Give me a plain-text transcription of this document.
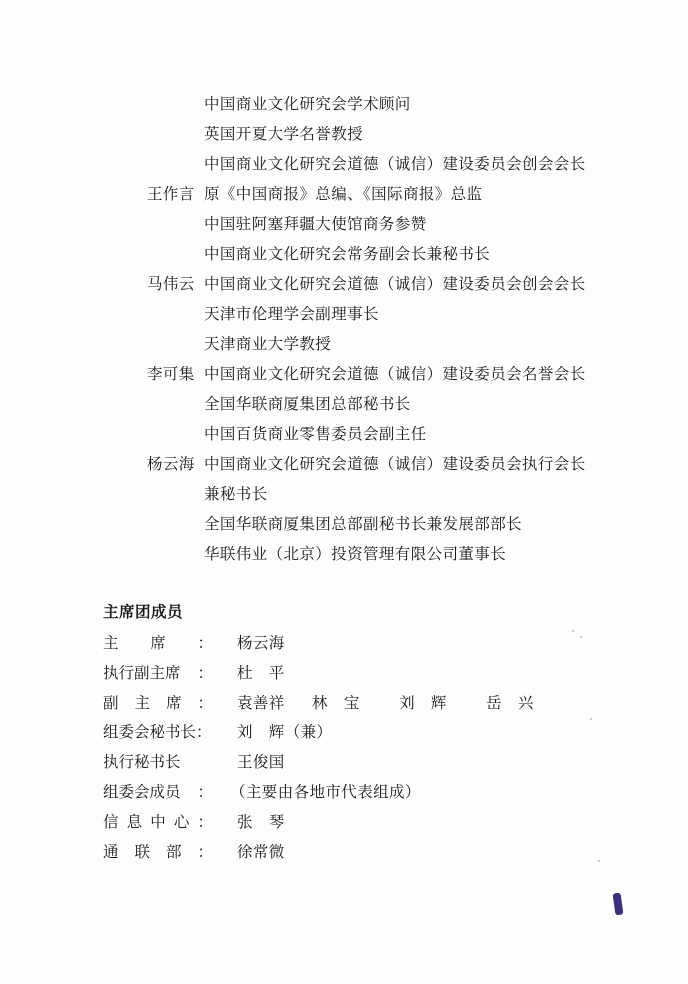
中国商业文化研究会学术顾问
英国开夏大学名誉教授
中国商业文化研究会道德（诚信）建设委员会创会会长
王作言 原《中国商报》总编、《国际商报》总监
中国驻阿塞拜疆大使馆商务参赞
中国商业文化研究会常务副会长兼秘书长
马伟云 中国商业文化研究会道德（诚信）建设委员会创会会长
天津市伦理学会副理事长
天津商业大学教授
李可集 中国商业文化研究会道德（诚信）建设委员会名誉会长
全国华联商厦集团总部秘书长
中国百货商业零售委员会副主任
杨云海 中国商业文化研究会道德（诚信）建设委员会执行会长
兼秘书长
全国华联商厦集团总部副秘书长兼发展部部长
华联伟业（北京）投资管理有限公司董事长
主席团成员
主 席 ： 杨云海
执行副主席 ： 杜　平
副 主 席 ： 袁善祥 林　宝	刘　辉	岳　兴
组委会秘书长： 刘　辉（兼）
执行秘书长	王俊国
组委会成员 ： （主要由各地市代表组成）
信 息 中 心 ： 张　琴
通 联 部 ： 徐常微
